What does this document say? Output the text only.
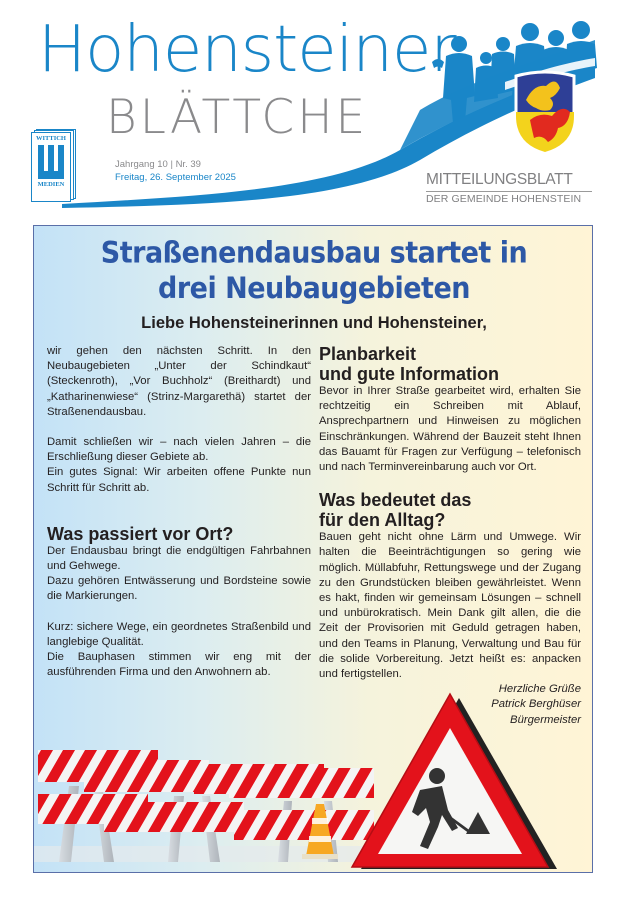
Hohensteiner
BLÄTTCHE
Jahrgang 10 | Nr. 39
Freitag, 26. September 2025	MITTEILUNGSBLATT
DER GEMEINDE HOHENSTEIN
WITTICH
MEDIEN
Straßenendausbau startet in
drei Neubaugebieten
Liebe Hohensteinerinnen und Hohensteiner,

wir gehen den nächsten Schritt. In den Neubaugebieten „Unter der Schindkaut“ (Steckenroth), „Vor Buchholz“ (Breithardt) und „Katharinenwiese“ (Strinz-Margarethä) startet der Straßenendausbau.

Damit schließen wir – nach vielen Jahren – die Erschließung dieser Gebiete ab.

Ein gutes Signal: Wir arbeiten offene Punkte nun Schritt für Schritt ab.

Was passiert vor Ort?

Der Endausbau bringt die endgültigen Fahrbahnen und Gehwege.

Dazu gehören Entwässerung und Bordsteine sowie die Markierungen.

Kurz: sichere Wege, ein geordnetes Straßenbild und langlebige Qualität.

Die Bauphasen stimmen wir eng mit der ausführenden Firma und den Anwohnern ab.

Planbarkeit
und gute Information

Bevor in Ihrer Straße gearbeitet wird, erhalten Sie rechtzeitig ein Schreiben mit Ablauf, Ansprechpartnern und Hinweisen zu möglichen Einschränkungen. Während der Bauzeit steht Ihnen das Bauamt für Fragen zur Verfügung – telefonisch und nach Terminvereinbarung auch vor Ort.

Was bedeutet das
für den Alltag?

Bauen geht nicht ohne Lärm und Umwege. Wir halten die Beeinträchtigungen so gering wie möglich. Müllabfuhr, Rettungswege und der Zugang zu den Grundstücken bleiben gewährleistet. Wenn es hakt, finden wir gemeinsam Lösungen – schnell und unbürokratisch. Mein Dank gilt allen, die die Zeit der Provisorien mit Geduld getragen haben, und den Teams in Planung, Verwaltung und Bau für die solide Vorbereitung. Jetzt heißt es: anpacken und fertigstellen.

Herzliche Grüße

Patrick Berghüser

Bürgermeister
